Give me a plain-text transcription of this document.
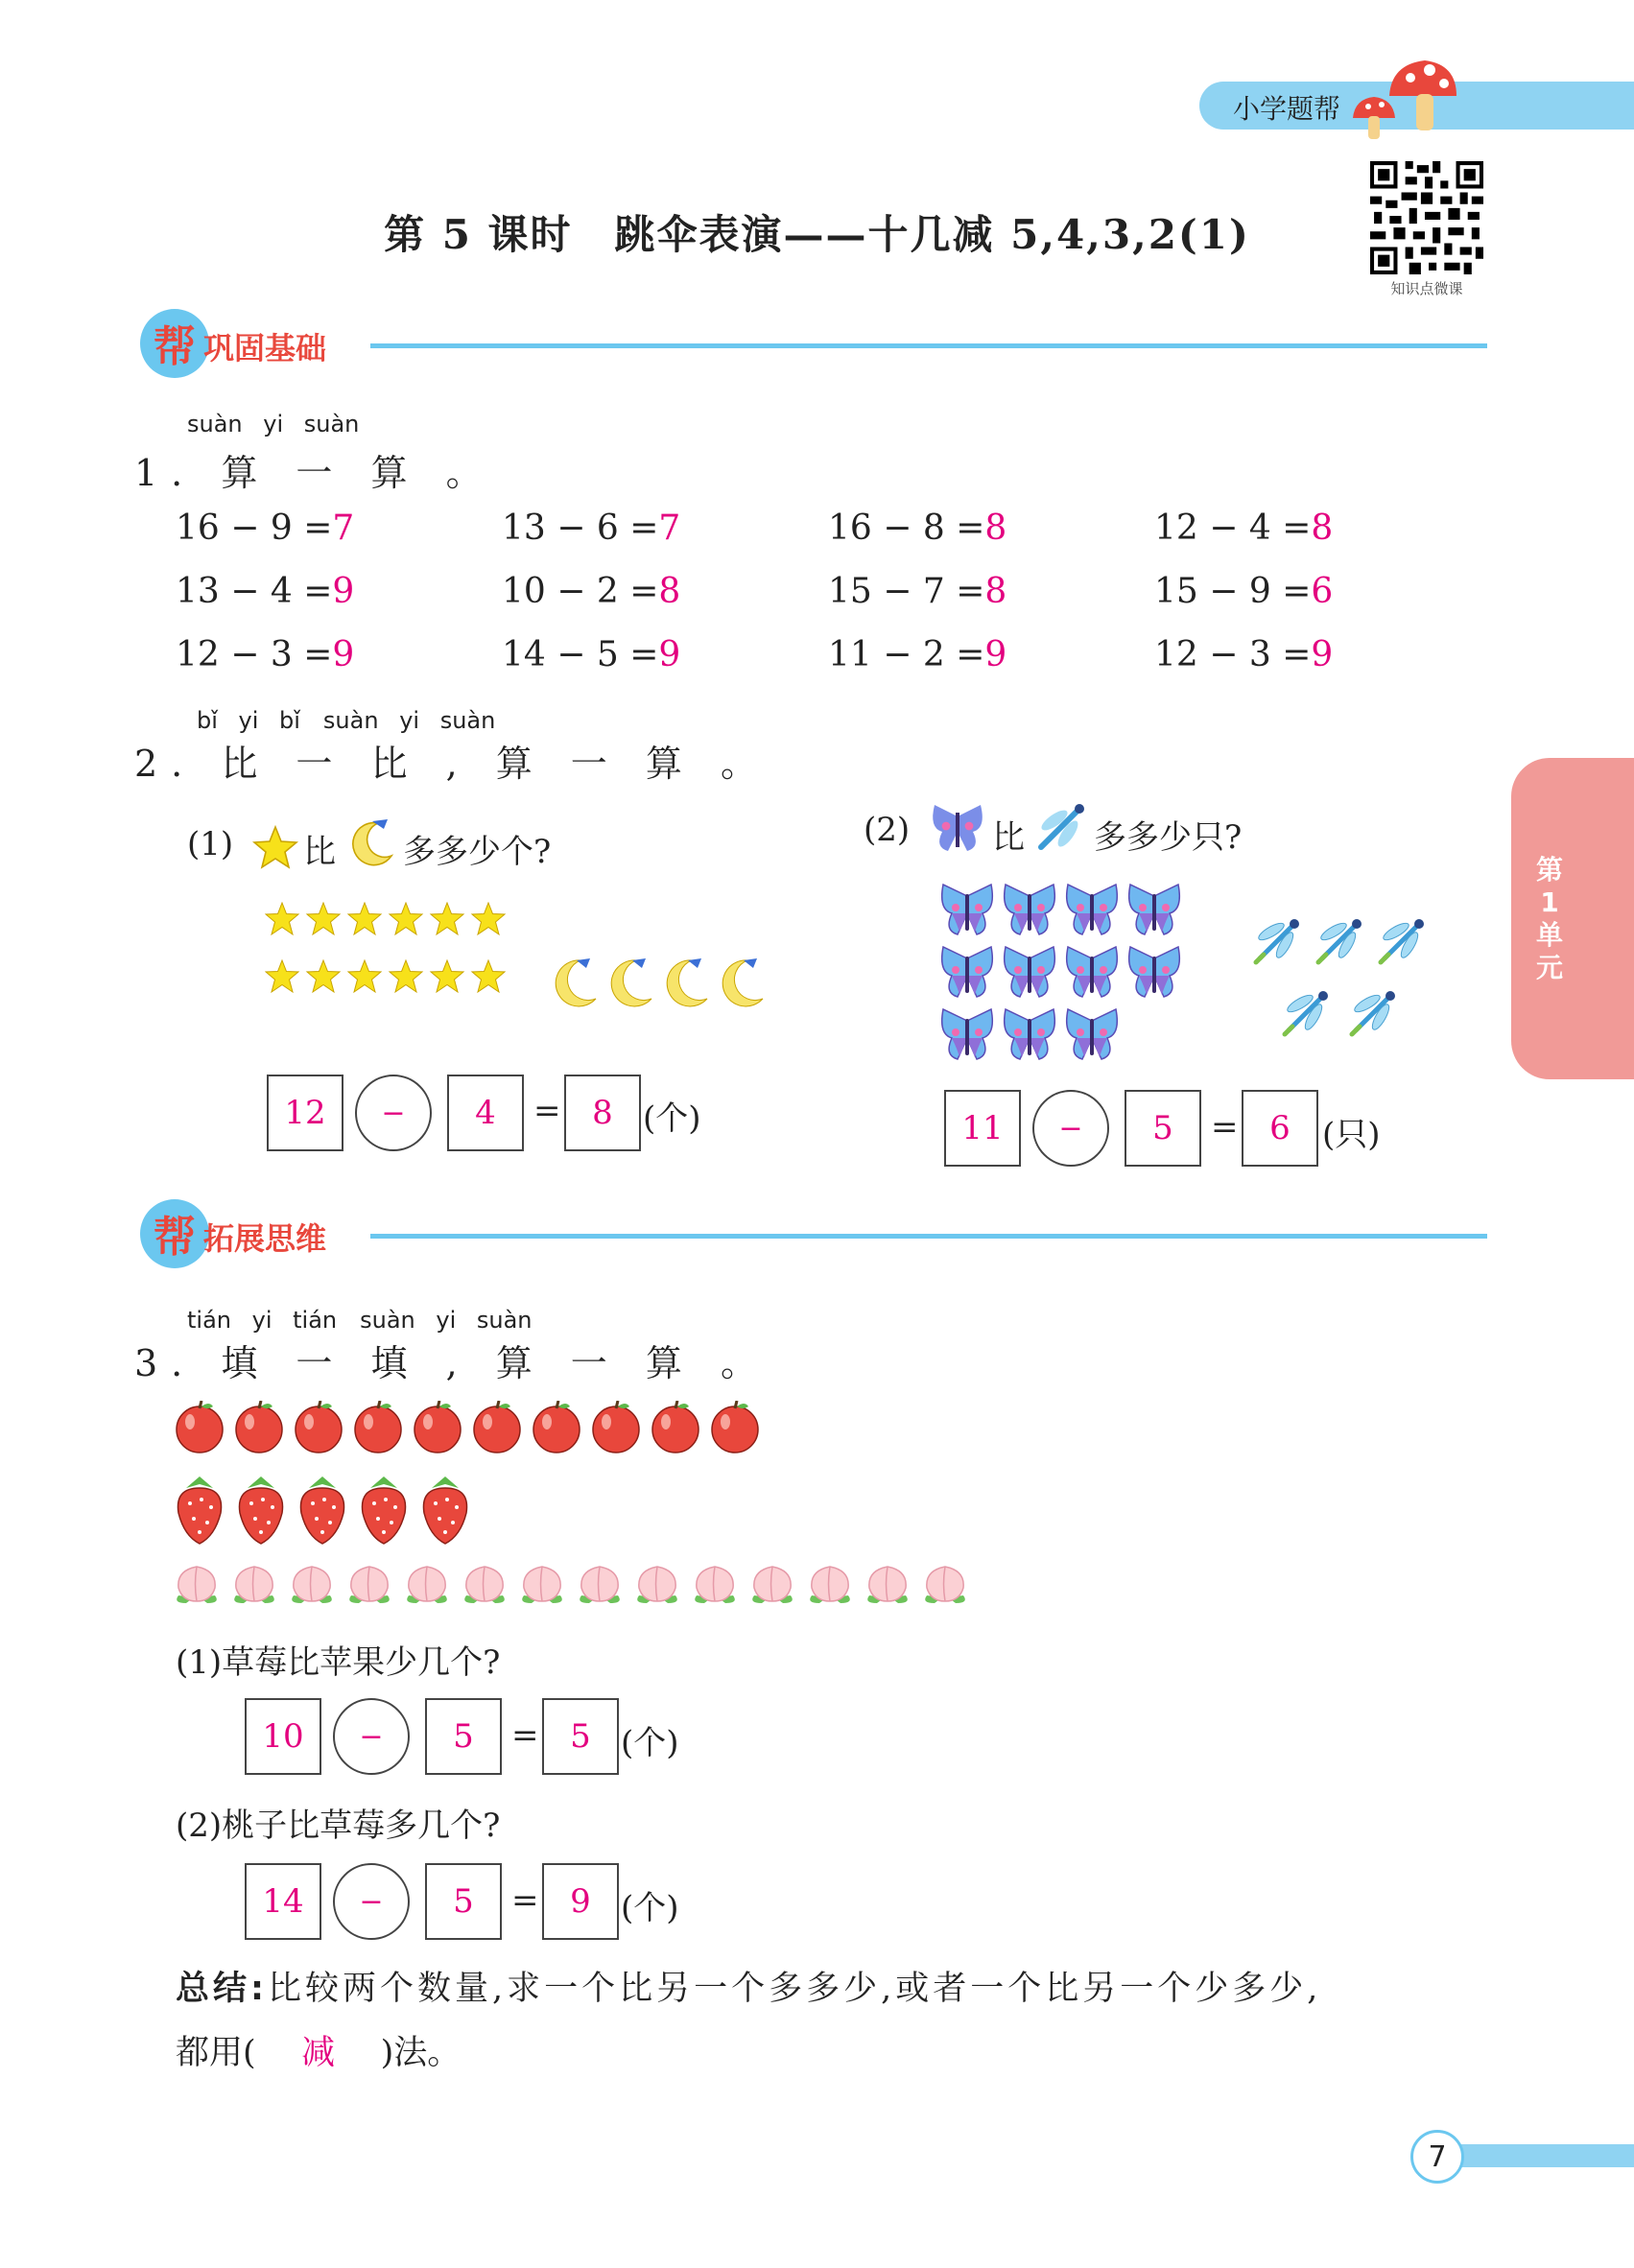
小学题帮
第 5 课时　跳伞表演——十几减 5,4,3,2(1)
知识点微课
帮 巩固基础
suàn yi suàn
1. 算 一 算 。
16 − 9 =7	13 − 6 =7	16 − 8 =8	12 − 4 =8
13 − 4 =9	10 − 2 =8	15 − 7 =8	15 − 9 =6
12 − 3 =9	14 − 5 =9	11 − 2 =9	12 − 3 =9
bǐ yi bǐ　suàn yi suàn
2. 比 一 比 , 算 一 算 。
(1) 比 多多少个?
12	−	4	= 8 (个)
(2)	比 多多少只?
11	−	5	= 6 (只)
帮 拓展思维
tián yi tián　suàn yi suàn
3. 填 一 填 , 算 一 算 。
(1)草莓比苹果少几个?
10	−	5	= 5 (个)
(2)桃子比草莓多几个?
14	−	5	= 9 (个)
总结:比较两个数量,求一个比另一个多多少,或者一个比另一个少多少,
都用( 减 )法。
第
1
单
元
7
